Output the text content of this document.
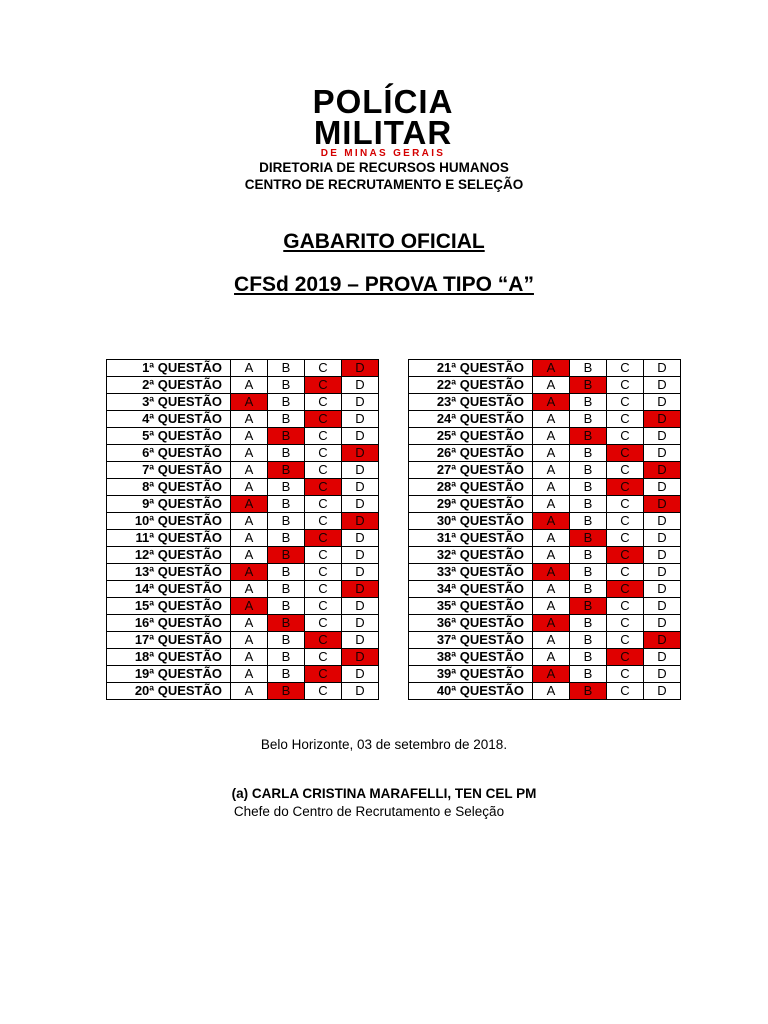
POLÍCIA
MILITAR
DE MINAS GERAIS
DIRETORIA DE RECURSOS HUMANOS
CENTRO DE RECRUTAMENTO E SELEÇÃO
GABARITO OFICIAL
CFSd 2019 – PROVA TIPO “A”
1ª QUESTÃO	A	B	C	D
2ª QUESTÃO	A	B	C	D
3ª QUESTÃO	A	B	C	D
4ª QUESTÃO	A	B	C	D
5ª QUESTÃO	A	B	C	D
6ª QUESTÃO	A	B	C	D
7ª QUESTÃO	A	B	C	D
8ª QUESTÃO	A	B	C	D
9ª QUESTÃO	A	B	C	D
10ª QUESTÃO	A	B	C	D
11ª QUESTÃO	A	B	C	D
12ª QUESTÃO	A	B	C	D
13ª QUESTÃO	A	B	C	D
14ª QUESTÃO	A	B	C	D
15ª QUESTÃO	A	B	C	D
16ª QUESTÃO	A	B	C	D
17ª QUESTÃO	A	B	C	D
18ª QUESTÃO	A	B	C	D
19ª QUESTÃO	A	B	C	D
20ª QUESTÃO	A	B	C	D
21ª QUESTÃO	A	B	C	D
22ª QUESTÃO	A	B	C	D
23ª QUESTÃO	A	B	C	D
24ª QUESTÃO	A	B	C	D
25ª QUESTÃO	A	B	C	D
26ª QUESTÃO	A	B	C	D
27ª QUESTÃO	A	B	C	D
28ª QUESTÃO	A	B	C	D
29ª QUESTÃO	A	B	C	D
30ª QUESTÃO	A	B	C	D
31ª QUESTÃO	A	B	C	D
32ª QUESTÃO	A	B	C	D
33ª QUESTÃO	A	B	C	D
34ª QUESTÃO	A	B	C	D
35ª QUESTÃO	A	B	C	D
36ª QUESTÃO	A	B	C	D
37ª QUESTÃO	A	B	C	D
38ª QUESTÃO	A	B	C	D
39ª QUESTÃO	A	B	C	D
40ª QUESTÃO	A	B	C	D
Belo Horizonte, 03 de setembro de 2018.
(a) CARLA CRISTINA MARAFELLI, TEN CEL PM
Chefe do Centro de Recrutamento e Seleção
